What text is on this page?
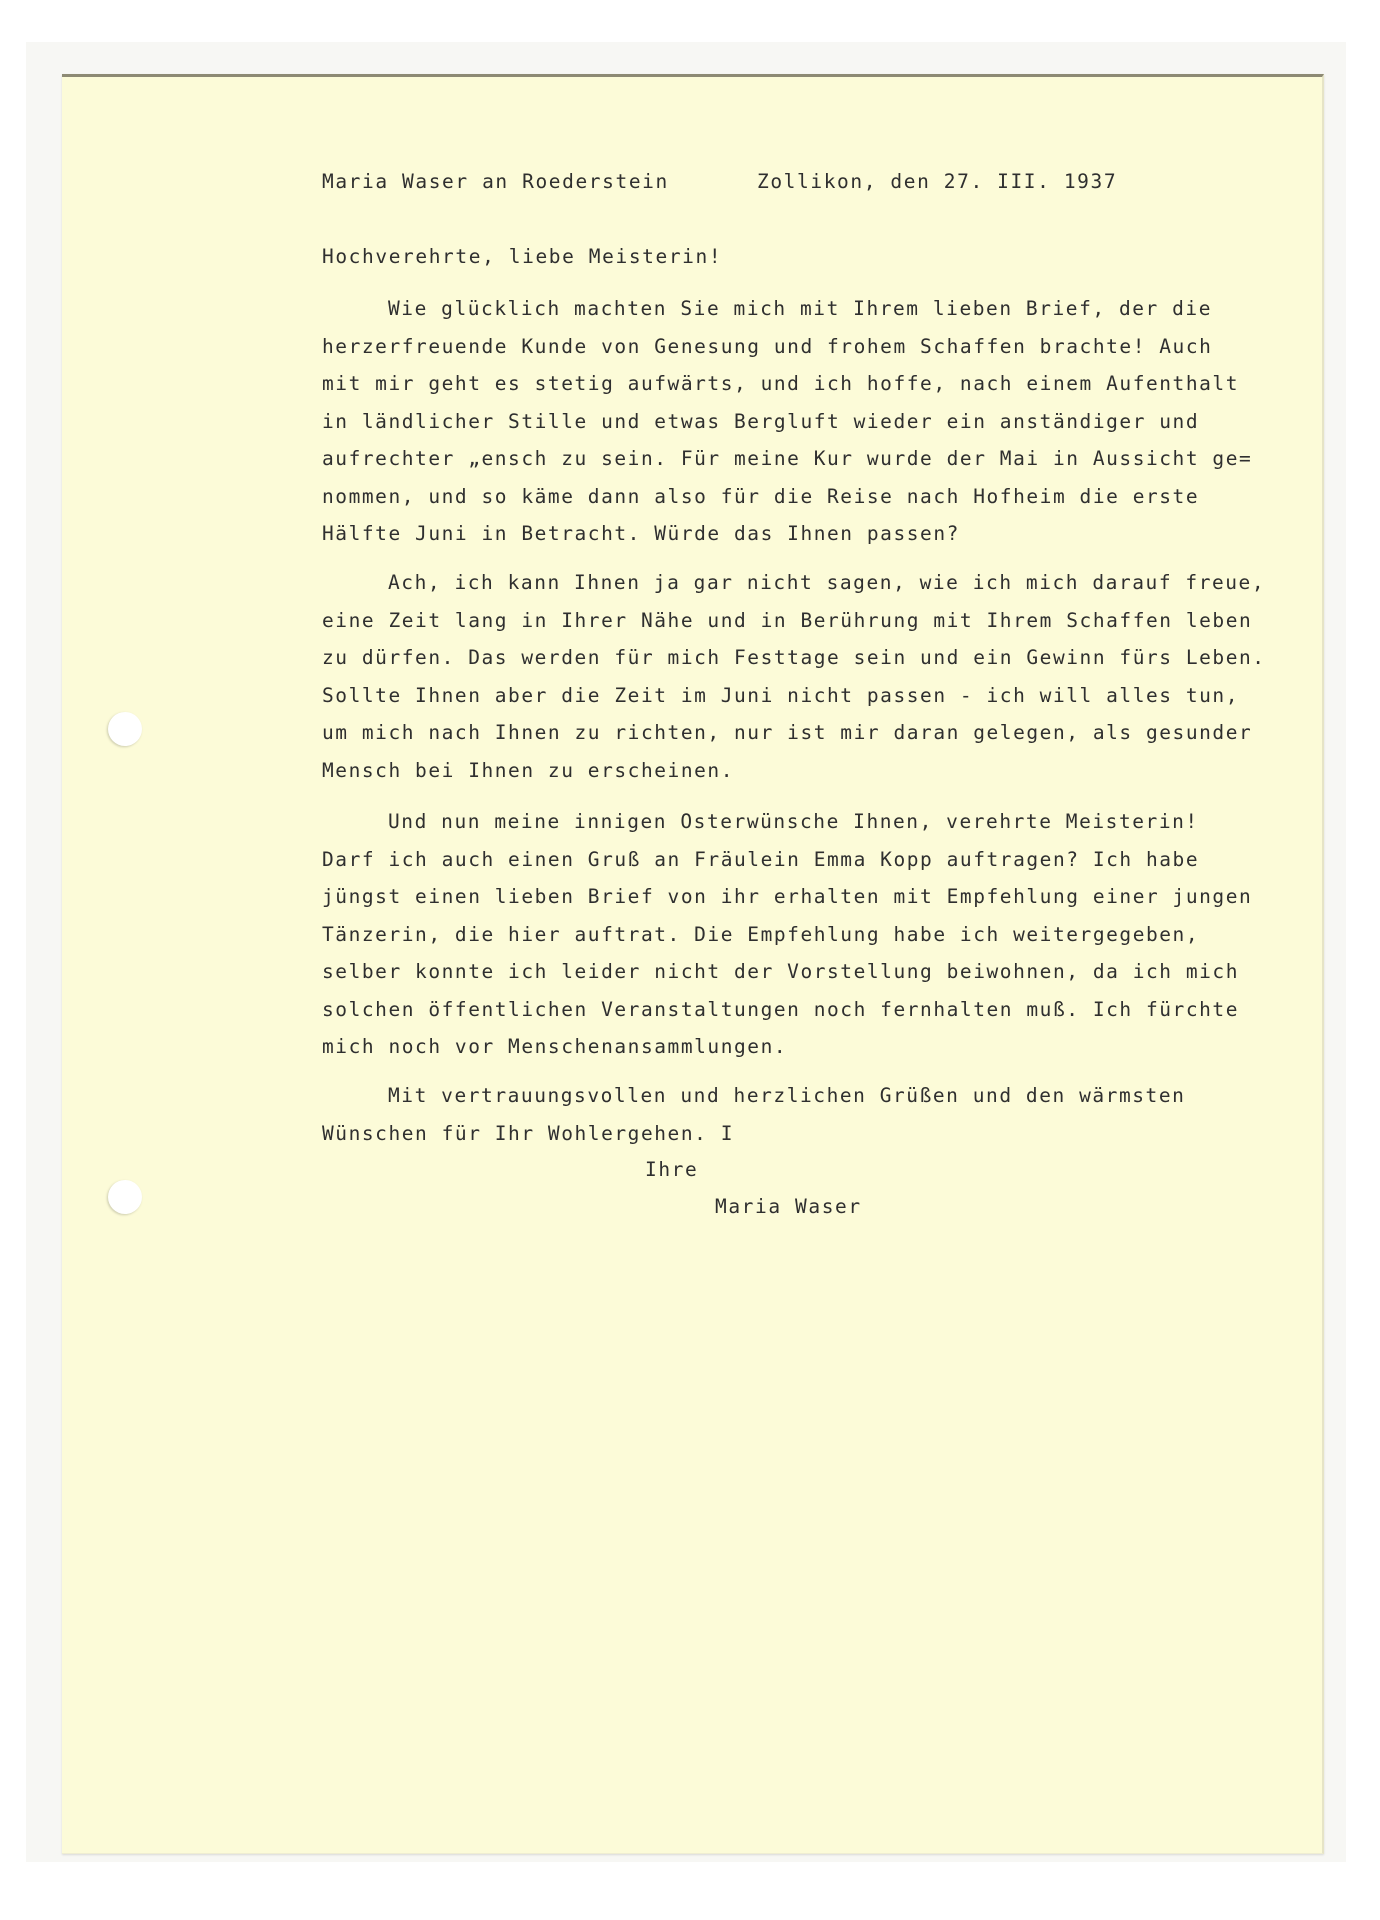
Maria Waser an Roederstein	Zollikon, den 27. III. 1937
Hochverehrte, liebe Meisterin!
Wie glücklich machten Sie mich mit Ihrem lieben Brief, der die
herzerfreuende Kunde von Genesung und frohem Schaffen brachte! Auch
mit mir geht es stetig aufwärts, und ich hoffe, nach einem Aufenthalt
in ländlicher Stille und etwas Bergluft wieder ein anständiger und
aufrechter „ensch zu sein. Für meine Kur wurde der Mai in Aussicht ge=
nommen, und so käme dann also für die Reise nach Hofheim die erste
Hälfte Juni in Betracht. Würde das Ihnen passen?
Ach, ich kann Ihnen ja gar nicht sagen, wie ich mich darauf freue,
eine Zeit lang in Ihrer Nähe und in Berührung mit Ihrem Schaffen leben
zu dürfen. Das werden für mich Festtage sein und ein Gewinn fürs Leben.
Sollte Ihnen aber die Zeit im Juni nicht passen - ich will alles tun,
um mich nach Ihnen zu richten, nur ist mir daran gelegen, als gesunder
Mensch bei Ihnen zu erscheinen.
Und nun meine innigen Osterwünsche Ihnen, verehrte Meisterin!
Darf ich auch einen Gruß an Fräulein Emma Kopp auftragen? Ich habe
jüngst einen lieben Brief von ihr erhalten mit Empfehlung einer jungen
Tänzerin, die hier auftrat. Die Empfehlung habe ich weitergegeben,
selber konnte ich leider nicht der Vorstellung beiwohnen, da ich mich
solchen öffentlichen Veranstaltungen noch fernhalten muß. Ich fürchte
mich noch vor Menschenansammlungen.
Mit vertrauungsvollen und herzlichen Grüßen und den wärmsten
Wünschen für Ihr Wohlergehen. I
Ihre
Maria Waser
